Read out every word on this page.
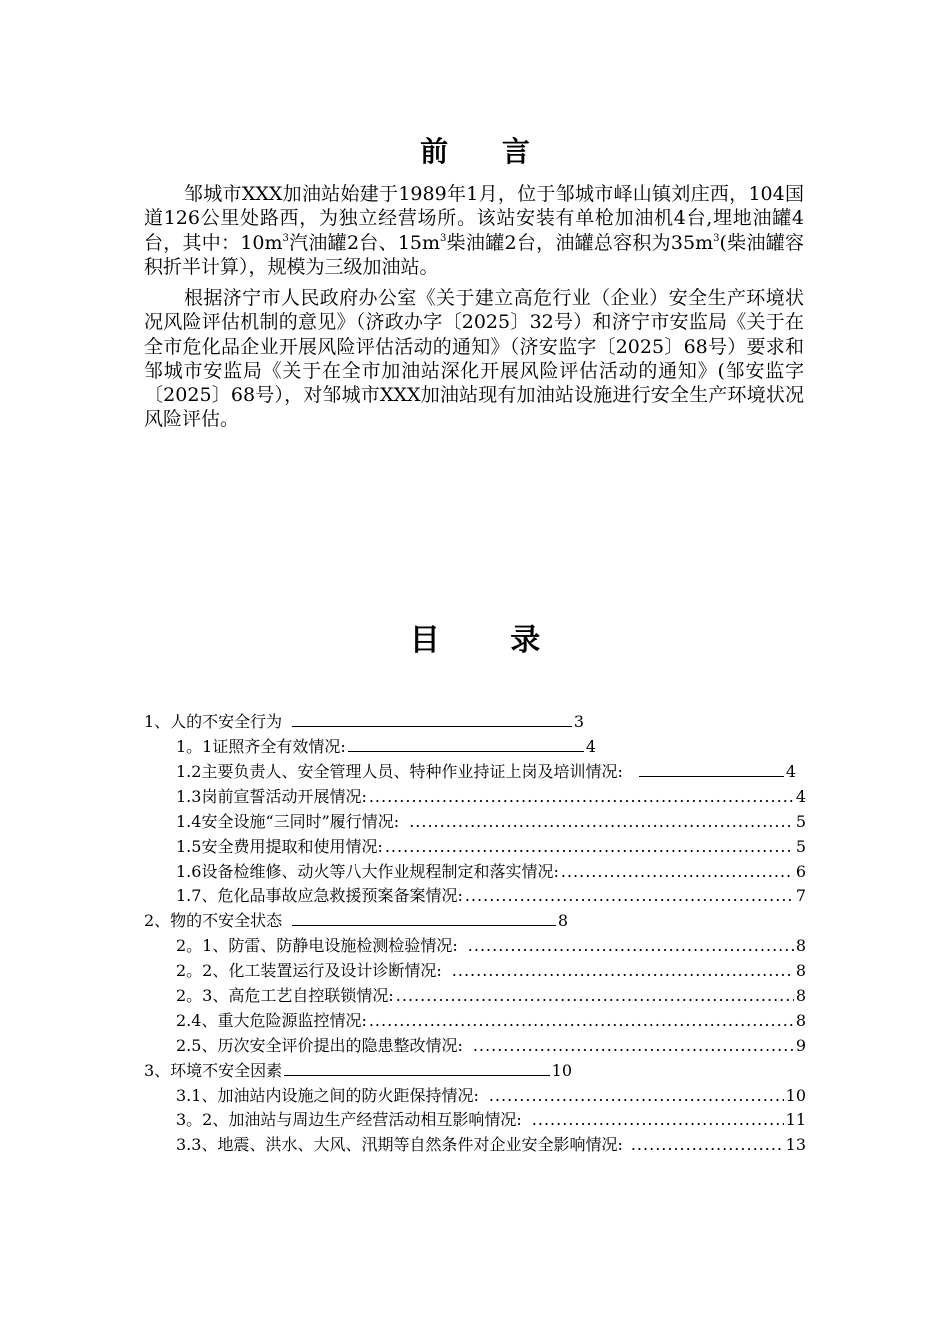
前 言

邹城市XXX加油站始建于1989年1月，位于邹城市峄山镇刘庄西，104国道126公里处路西，为独立经营场所。该站安装有单枪加油机4台,埋地油罐4台，其中：$10m^3$汽油罐2台、$15m^3$柴油罐2台，油罐总容积为$35m^3$(柴油罐容积折半计算），规模为三级加油站。

根据济宁市人民政府办公室《关于建立高危行业（企业）安全生产环境状况风险评估机制的意见》（济政办字〔2025〕32号）和济宁市安监局《关于在全市危化品企业开展风险评估活动的通知》（济安监字〔2025〕68号）要求和邹城市安监局《关于在全市加油站深化开展风险评估活动的通知》(邹安监字〔2025〕68号），对邹城市XXX加油站现有加油站设施进行安全生产环境状况风险评估。

目 录
1、人的不安全行为	3
1。1证照齐全有效情况:	4
1.2主要负责人、安全管理人员、特种作业持证上岗及培训情况:	4
1.3岗前宣誓活动开展情况: .....	4
1.4安全设施“三同时”履行情况: .....	5
1.5安全费用提取和使用情况: .....	5
1.6设备检维修、动火等八大作业规程制定和落实情况: .....	6
1.7、危化品事故应急救援预案备案情况: .....	7
2、物的不安全状态	8
2。1、防雷、防静电设施检测检验情况: .....	8
2。2、化工装置运行及设计诊断情况: .....	8
2。3、高危工艺自控联锁情况: .....	8
2.4、重大危险源监控情况: .....	8
2.5、历次安全评价提出的隐患整改情况: .....	9
3、环境不安全因素	10
3.1、加油站内设施之间的防火距保持情况: .....	10
3。2、加油站与周边生产经营活动相互影响情况: .....	11
3.3、地震、洪水、大风、汛期等自然条件对企业安全影响情况: .....	13
